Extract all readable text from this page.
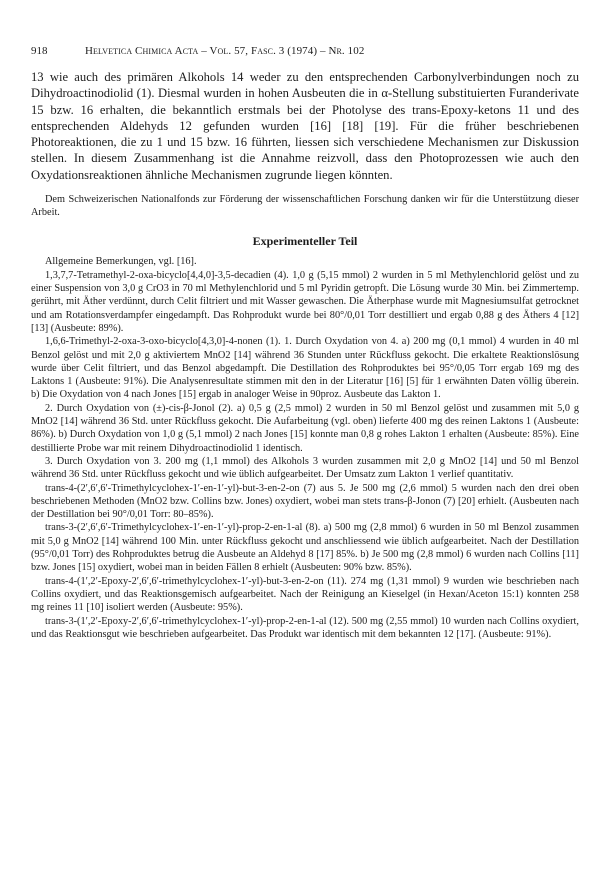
918	Helvetica Chimica Acta – Vol. 57, Fasc. 3 (1974) – Nr. 102

13 wie auch des primären Alkohols 14 weder zu den entsprechenden Carbonylverbindungen noch zu Dihydroactinodiolid (1). Diesmal wurden in hohen Ausbeuten die in α-Stellung substituierten Furanderivate 15 bzw. 16 erhalten, die bekanntlich erstmals bei der Photolyse des trans-Epoxy-ketons 11 und des entsprechenden Aldehyds 12 gefunden wurden [16] [18] [19]. Für die früher beschriebenen Photoreaktionen, die zu 1 und 15 bzw. 16 führten, liessen sich verschiedene Mechanismen zur Diskussion stellen. In diesem Zusammenhang ist die Annahme reizvoll, dass den Photoprozessen wie auch den Oxydationsreaktionen ähnliche Mechanismen zugrunde liegen könnten.

Dem Schweizerischen Nationalfonds zur Förderung der wissenschaftlichen Forschung danken wir für die Unterstützung dieser Arbeit.

Experimenteller Teil

Allgemeine Bemerkungen, vgl. [16].

1,3,7,7-Tetramethyl-2-oxa-bicyclo[4,4,0]-3,5-decadien (4). 1,0 g (5,15 mmol) 2 wurden in 5 ml Methylenchlorid gelöst und zu einer Suspension von 3,0 g CrO3 in 70 ml Methylenchlorid und 5 ml Pyridin getropft. Die Lösung wurde 30 Min. bei Zimmertemp. gerührt, mit Äther verdünnt, durch Celit filtriert und mit Wasser gewaschen. Die Ätherphase wurde mit Magnesiumsulfat getrocknet und am Rotationsverdampfer eingedampft. Das Rohprodukt wurde bei 80°/0,01 Torr destilliert und ergab 0,88 g des Äthers 4 [12] [13] (Ausbeute: 89%).

1,6,6-Trimethyl-2-oxa-3-oxo-bicyclo[4,3,0]-4-nonen (1). 1. Durch Oxydation von 4. a) 200 mg (0,1 mmol) 4 wurden in 40 ml Benzol gelöst und mit 2,0 g aktiviertem MnO2 [14] während 36 Stunden unter Rückfluss gekocht. Die erkaltete Reaktionslösung wurde über Celit filtriert, und das Benzol abgedampft. Die Destillation des Rohproduktes bei 95°/0,05 Torr ergab 169 mg des Laktons 1 (Ausbeute: 91%). Die Analysenresultate stimmen mit den in der Literatur [16] [5] für 1 erwähnten Daten völlig überein. b) Die Oxydation von 4 nach Jones [15] ergab in analoger Weise in 90proz. Ausbeute das Lakton 1.

2. Durch Oxydation von (±)-cis-β-Jonol (2). a) 0,5 g (2,5 mmol) 2 wurden in 50 ml Benzol gelöst und zusammen mit 5,0 g MnO2 [14] während 36 Std. unter Rückfluss gekocht. Die Aufarbeitung (vgl. oben) lieferte 400 mg des reinen Laktons 1 (Ausbeute: 86%). b) Durch Oxydation von 1,0 g (5,1 mmol) 2 nach Jones [15] konnte man 0,8 g rohes Lakton 1 erhalten (Ausbeute: 85%). Eine destillierte Probe war mit reinem Dihydroactinodiolid 1 identisch.

3. Durch Oxydation von 3. 200 mg (1,1 mmol) des Alkohols 3 wurden zusammen mit 2,0 g MnO2 [14] und 50 ml Benzol während 36 Std. unter Rückfluss gekocht und wie üblich aufgearbeitet. Der Umsatz zum Lakton 1 verlief quantitativ.

trans-4-(2′,6′,6′-Trimethylcyclohex-1′-en-1′-yl)-but-3-en-2-on (7) aus 5. Je 500 mg (2,6 mmol) 5 wurden nach den drei oben beschriebenen Methoden (MnO2 bzw. Collins bzw. Jones) oxydiert, wobei man stets trans-β-Jonon (7) [20] erhielt. (Ausbeuten nach der Destillation bei 90°/0,01 Torr: 80–85%).

trans-3-(2′,6′,6′-Trimethylcyclohex-1′-en-1′-yl)-prop-2-en-1-al (8). a) 500 mg (2,8 mmol) 6 wurden in 50 ml Benzol zusammen mit 5,0 g MnO2 [14] während 100 Min. unter Rückfluss gekocht und anschliessend wie üblich aufgearbeitet. Nach der Destillation (95°/0,01 Torr) des Rohproduktes betrug die Ausbeute an Aldehyd 8 [17] 85%. b) Je 500 mg (2,8 mmol) 6 wurden nach Collins [11] bzw. Jones [15] oxydiert, wobei man in beiden Fällen 8 erhielt (Ausbeuten: 90% bzw. 85%).

trans-4-(1′,2′-Epoxy-2′,6′,6′-trimethylcyclohex-1′-yl)-but-3-en-2-on (11). 274 mg (1,31 mmol) 9 wurden wie beschrieben nach Collins oxydiert, und das Reaktionsgemisch aufgearbeitet. Nach der Reinigung an Kieselgel (in Hexan/Aceton 15:1) konnten 258 mg reines 11 [10] isoliert werden (Ausbeute: 95%).

trans-3-(1′,2′-Epoxy-2′,6′,6′-trimethylcyclohex-1′-yl)-prop-2-en-1-al (12). 500 mg (2,55 mmol) 10 wurden nach Collins oxydiert, und das Reaktionsgut wie beschrieben aufgearbeitet. Das Produkt war identisch mit dem bekannten 12 [17]. (Ausbeute: 91%).
